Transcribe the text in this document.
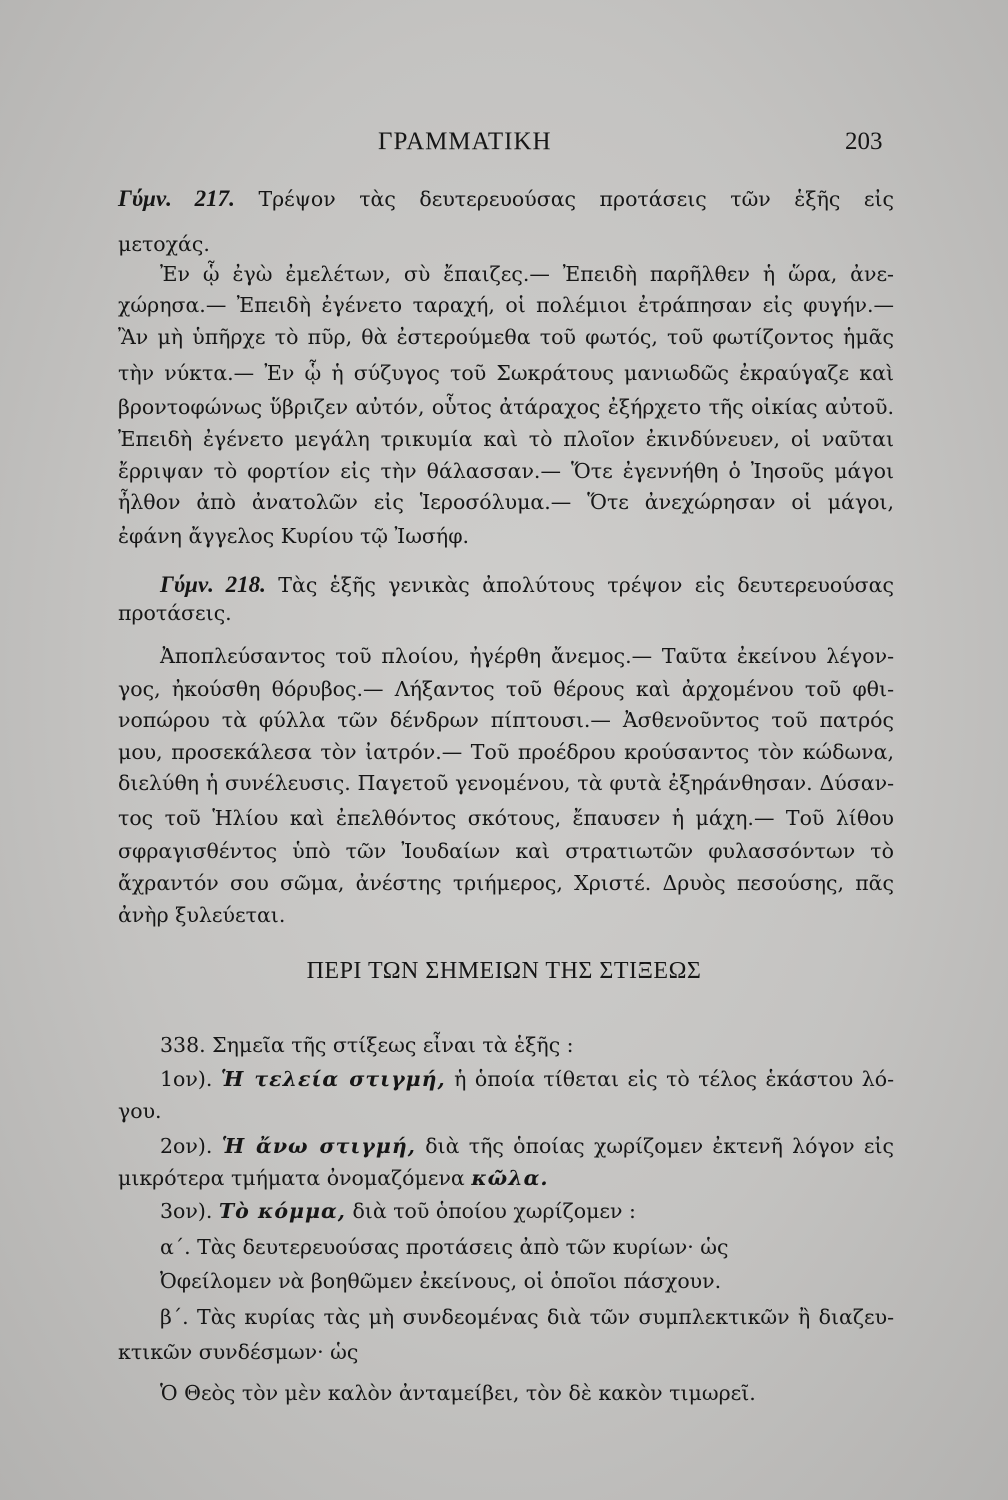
ΓΡΑΜΜΑΤΙΚΗ	203
Γύμν. 217. Τρέψον τὰς δευτερευούσας προτάσεις τῶν ἑξῆς εἰς
μετοχάς.
Ἐν ᾧ ἐγὼ ἐμελέτων, σὺ ἔπαιζες.— Ἐπειδὴ παρῆλθεν ἡ ὥρα, ἀνε-
χώρησα.— Ἐπειδὴ ἐγένετο ταραχή, οἱ πολέμιοι ἐτράπησαν εἰς φυγήν.—
Ἂν μὴ ὑπῆρχε τὸ πῦρ, θὰ ἐστερούμεθα τοῦ φωτός, τοῦ φωτίζοντος ἡμᾶς
τὴν νύκτα.— Ἐν ᾧ ἡ σύζυγος τοῦ Σωκράτους μανιωδῶς ἐκραύγαζε καὶ
βροντοφώνως ὕβριζεν αὐτόν, οὗτος ἀτάραχος ἐξήρχετο τῆς οἰκίας αὐτοῦ.
Ἐπειδὴ ἐγένετο μεγάλη τρικυμία καὶ τὸ πλοῖον ἐκινδύνευεν, οἱ ναῦται
ἔρριψαν τὸ φορτίον εἰς τὴν θάλασσαν.— Ὅτε ἐγεννήθη ὁ Ἰησοῦς μάγοι
ἦλθον ἀπὸ ἀνατολῶν εἰς Ἱεροσόλυμα.— Ὅτε ἀνεχώρησαν οἱ μάγοι,
ἐφάνη ἄγγελος Κυρίου τῷ Ἰωσήφ.
Γύμν. 218. Τὰς ἑξῆς γενικὰς ἀπολύτους τρέψον εἰς δευτερευούσας
προτάσεις.
Ἀποπλεύσαντος τοῦ πλοίου, ἠγέρθη ἄνεμος.— Ταῦτα ἐκείνου λέγον-
γος, ἠκούσθη θόρυβος.— Λήξαντος τοῦ θέρους καὶ ἀρχομένου τοῦ φθι-
νοπώρου τὰ φύλλα τῶν δένδρων πίπτουσι.— Ἀσθενοῦντος τοῦ πατρός
μου, προσεκάλεσα τὸν ἰατρόν.— Τοῦ προέδρου κρούσαντος τὸν κώδωνα,
διελύθη ἡ συνέλευσις. Παγετοῦ γενομένου, τὰ φυτὰ ἐξηράνθησαν. Δύσαν-
τος τοῦ Ἡλίου καὶ ἐπελθόντος σκότους, ἔπαυσεν ἡ μάχη.— Τοῦ λίθου
σφραγισθέντος ὑπὸ τῶν Ἰουδαίων καὶ στρατιωτῶν φυλασσόντων τὸ
ἄχραντόν σου σῶμα, ἀνέστης τριήμερος, Χριστέ. Δρυὸς πεσούσης, πᾶς
ἀνὴρ ξυλεύεται.
ΠΕΡΙ ΤΩΝ ΣΗΜΕΙΩΝ ΤΗΣ ΣΤΙΞΕΩΣ
338. Σημεῖα τῆς στίξεως εἶναι τὰ ἑξῆς :
1ον). Ἡ τελεία στιγμή, ἡ ὁποία τίθεται εἰς τὸ τέλος ἑκάστου λό-
γου.
2ον). Ἡ ἄνω στιγμή, διὰ τῆς ὁποίας χωρίζομεν ἐκτενῆ λόγον εἰς
μικρότερα τμήματα ὀνομαζόμενα κῶλα.
3ον). Τὸ κόμμα, διὰ τοῦ ὁποίου χωρίζομεν :
α΄. Τὰς δευτερευούσας προτάσεις ἀπὸ τῶν κυρίων· ὡς
Ὀφείλομεν νὰ βοηθῶμεν ἐκείνους, οἱ ὁποῖοι πάσχουν.
β΄. Τὰς κυρίας τὰς μὴ συνδεομένας διὰ τῶν συμπλεκτικῶν ἢ διαζευ-
κτικῶν συνδέσμων· ὡς
Ὁ Θεὸς τὸν μὲν καλὸν ἀνταμείβει, τὸν δὲ κακὸν τιμωρεῖ.
